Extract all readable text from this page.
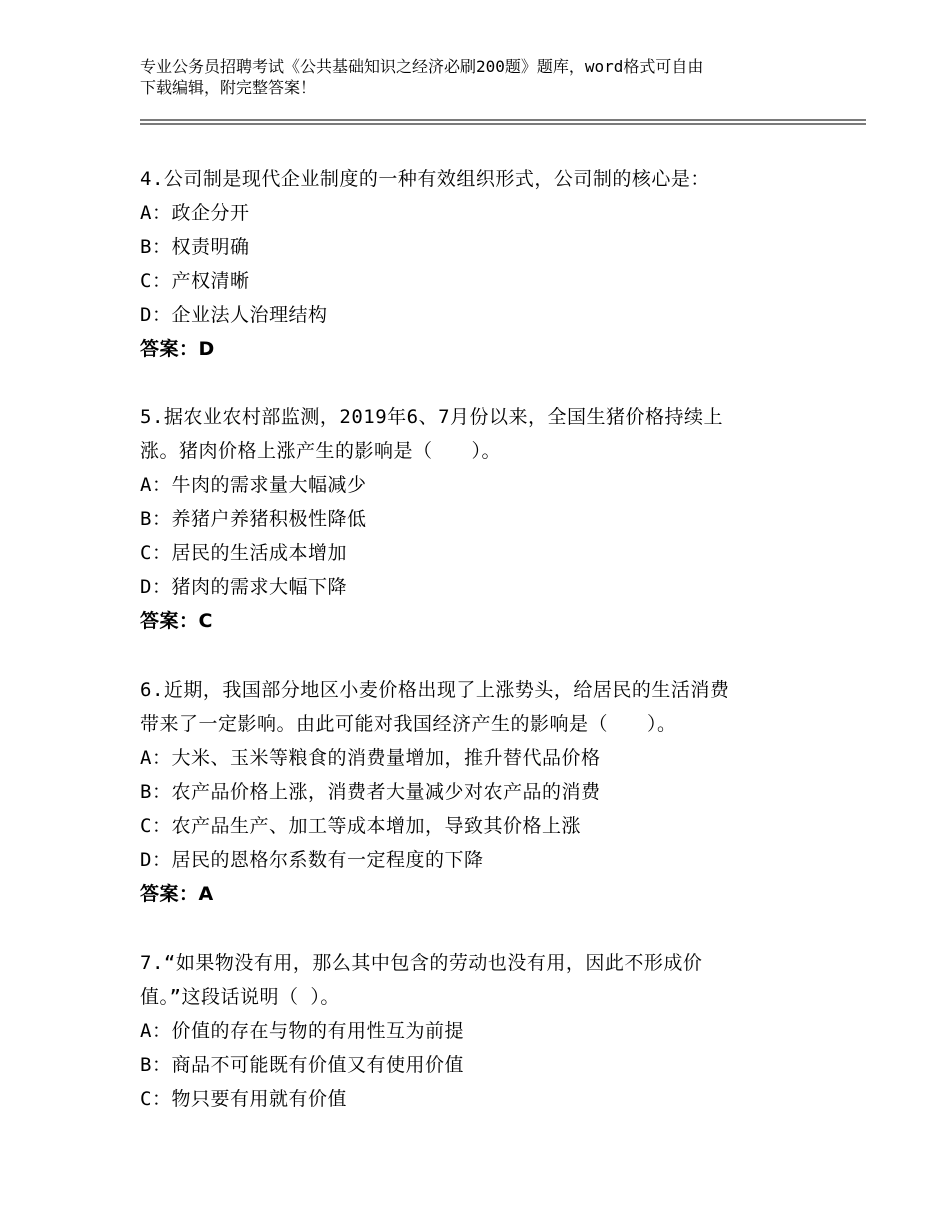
专业公务员招聘考试《公共基础知识之经济必刷200题》题库，word格式可自由
下载编辑，附完整答案！
4.公司制是现代企业制度的一种有效组织形式，公司制的核心是：
A：政企分开
B：权责明确
C：产权清晰
D：企业法人治理结构
答案：D
5.据农业农村部监测，2019年6、7月份以来，全国生猪价格持续上
涨。猪肉价格上涨产生的影响是（　　）。
A：牛肉的需求量大幅减少
B：养猪户养猪积极性降低
C：居民的生活成本增加
D：猪肉的需求大幅下降
答案：C
6.近期，我国部分地区小麦价格出现了上涨势头，给居民的生活消费
带来了一定影响。由此可能对我国经济产生的影响是（　　）。
A：大米、玉米等粮食的消费量增加，推升替代品价格
B：农产品价格上涨，消费者大量减少对农产品的消费
C：农产品生产、加工等成本增加，导致其价格上涨
D：居民的恩格尔系数有一定程度的下降
答案：A
7.“如果物没有用，那么其中包含的劳动也没有用，因此不形成价
值。”这段话说明（ ）。
A：价值的存在与物的有用性互为前提
B：商品不可能既有价值又有使用价值
C：物只要有用就有价值
